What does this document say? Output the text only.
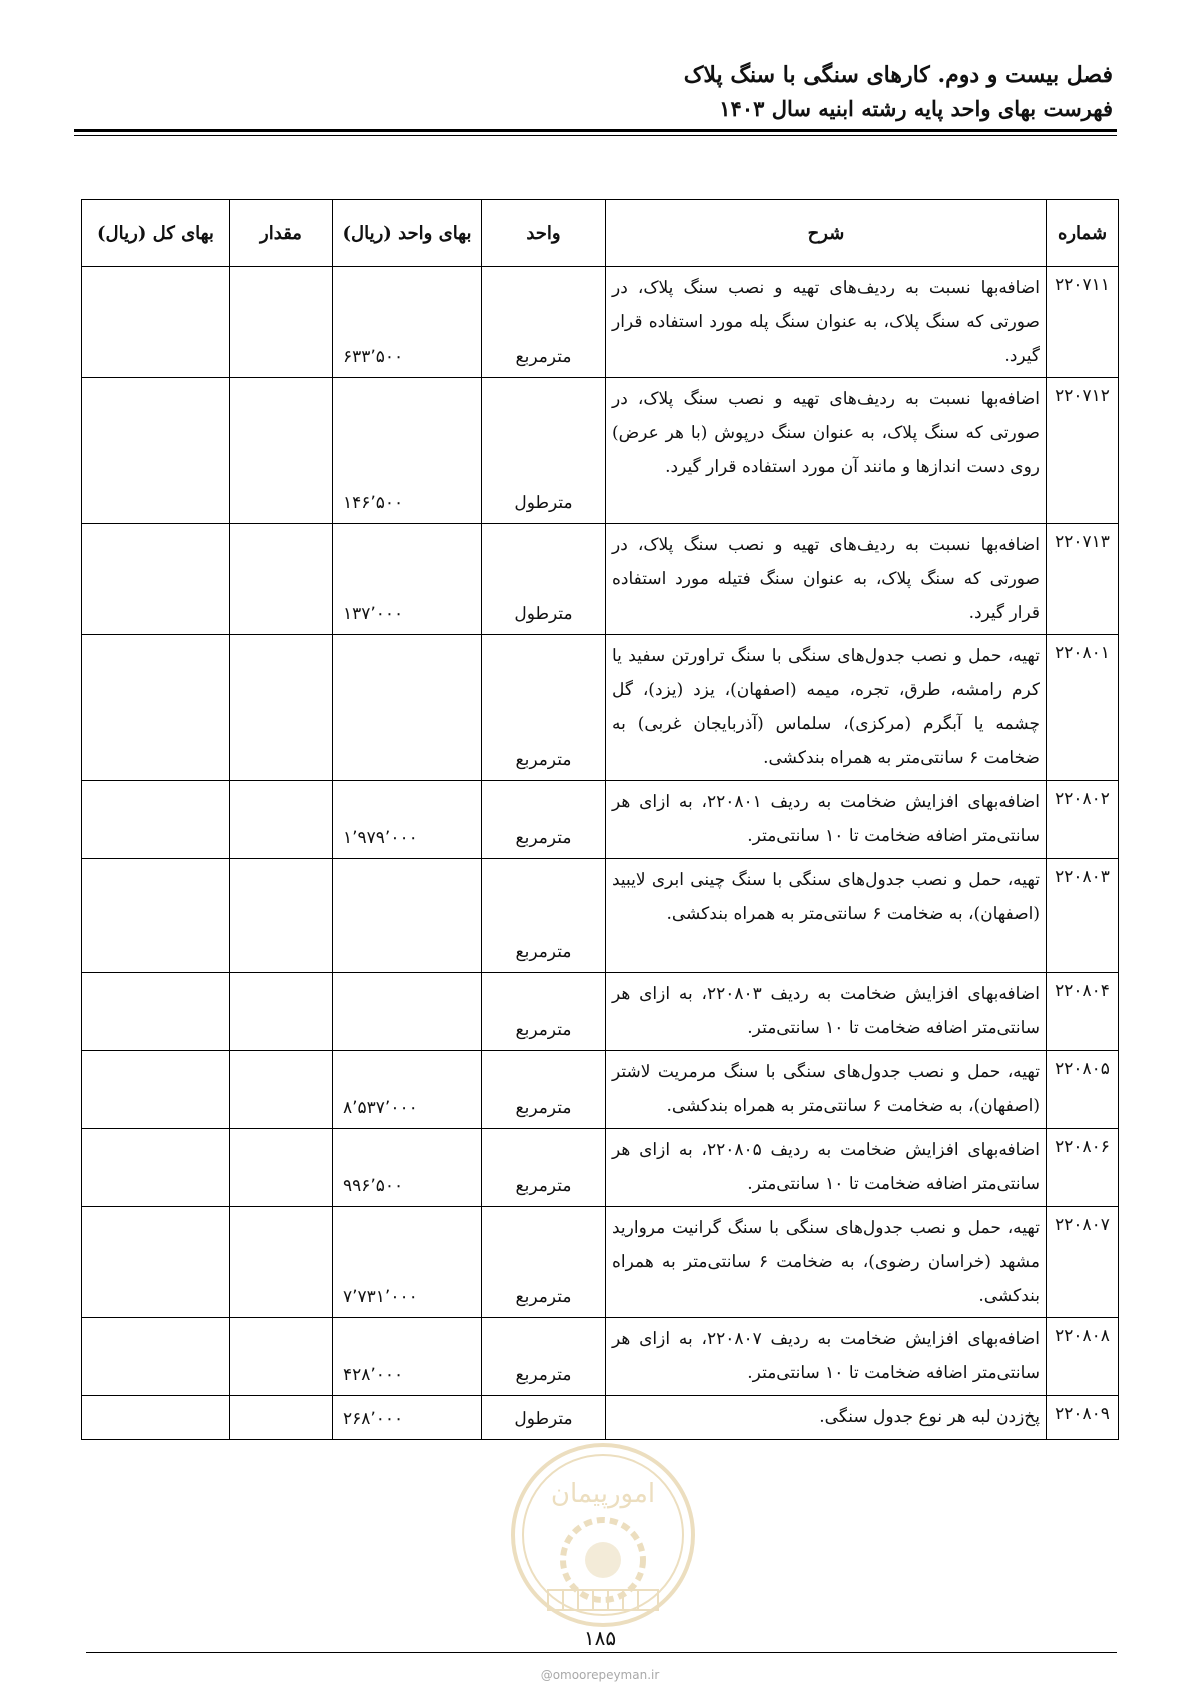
فصل بیست و دوم. کارهای سنگی با سنگ پلاک
فهرست بهای واحد پایه رشته ابنیه سال ۱۴۰۳
شماره	شرح	واحد	بهای واحد (ریال)	مقدار	بهای کل (ریال)
۲۲۰۷۱۱	اضافه‌بها نسبت به ردیف‌های تهیه و نصب سنگ پلاک، در صورتی که سنگ پلاک، به عنوان سنگ پله مورد استفاده قرار گیرد.	مترمربع	۶۳۳٬۵۰۰		
۲۲۰۷۱۲	اضافه‌بها نسبت به ردیف‌های تهیه و نصب سنگ پلاک، در صورتی که سنگ پلاک، به عنوان سنگ درپوش (با هر عرض) روی دست اندازها و مانند آن مورد استفاده قرار گیرد.	مترطول	۱۴۶٬۵۰۰		
۲۲۰۷۱۳	اضافه‌بها نسبت به ردیف‌های تهیه و نصب سنگ پلاک، در صورتی که سنگ پلاک، به عنوان سنگ فتیله مورد استفاده قرار گیرد.	مترطول	۱۳۷٬۰۰۰		
۲۲۰۸۰۱	تهیه، حمل و نصب جدول‌های سنگی با سنگ تراورتن سفید یا کرم رامشه، طرق، تجره، میمه (اصفهان)، یزد (یزد)، گل چشمه یا آبگرم (مرکزی)، سلماس (آذربایجان غربی) به ضخامت ۶ سانتی‌متر به همراه بندکشی.	مترمربع			
۲۲۰۸۰۲	اضافه‌بهای افزایش ضخامت به ردیف ۲۲۰۸۰۱، به ازای هر سانتی‌متر اضافه ضخامت تا ۱۰ سانتی‌متر.	مترمربع	۱٬۹۷۹٬۰۰۰		
۲۲۰۸۰۳	تهیه، حمل و نصب جدول‌های سنگی با سنگ چینی ابری لایبید (اصفهان)، به ضخامت ۶ سانتی‌متر به همراه بندکشی.	مترمربع			
۲۲۰۸۰۴	اضافه‌بهای افزایش ضخامت به ردیف ۲۲۰۸۰۳، به ازای هر سانتی‌متر اضافه ضخامت تا ۱۰ سانتی‌متر.	مترمربع			
۲۲۰۸۰۵	تهیه، حمل و نصب جدول‌های سنگی با سنگ مرمریت لاشتر (اصفهان)، به ضخامت ۶ سانتی‌متر به همراه بندکشی.	مترمربع	۸٬۵۳۷٬۰۰۰		
۲۲۰۸۰۶	اضافه‌بهای افزایش ضخامت به ردیف ۲۲۰۸۰۵، به ازای هر سانتی‌متر اضافه ضخامت تا ۱۰ سانتی‌متر.	مترمربع	۹۹۶٬۵۰۰		
۲۲۰۸۰۷	تهیه، حمل و نصب جدول‌های سنگی با سنگ گرانیت مروارید مشهد (خراسان رضوی)، به ضخامت ۶ سانتی‌متر به همراه بندکشی.	مترمربع	۷٬۷۳۱٬۰۰۰		
۲۲۰۸۰۸	اضافه‌بهای افزایش ضخامت به ردیف ۲۲۰۸۰۷، به ازای هر سانتی‌متر اضافه ضخامت تا ۱۰ سانتی‌متر.	مترمربع	۴۲۸٬۰۰۰		
۲۲۰۸۰۹	پخ‌زدن لبه هر نوع جدول سنگی.	مترطول	۲۶۸٬۰۰۰		
امورپیمان
۱۸۵
@omoorepeyman.ir
